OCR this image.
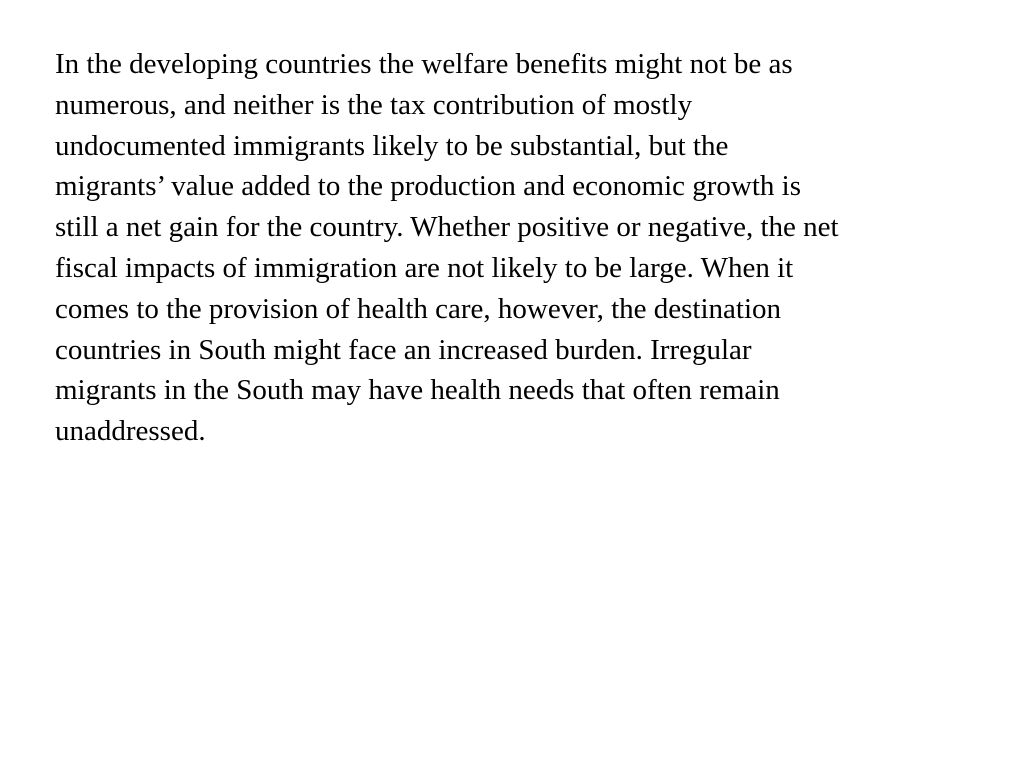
In the developing countries the welfare benefits might not be as
numerous, and neither is the tax contribution of mostly
undocumented immigrants likely to be substantial, but the
migrants’ value added to the production and economic growth is
still a net gain for the country. Whether positive or negative, the net
fiscal impacts of immigration are not likely to be large. When it
comes to the provision of health care, however, the destination
countries in South might face an increased burden. Irregular
migrants in the South may have health needs that often remain
unaddressed.
